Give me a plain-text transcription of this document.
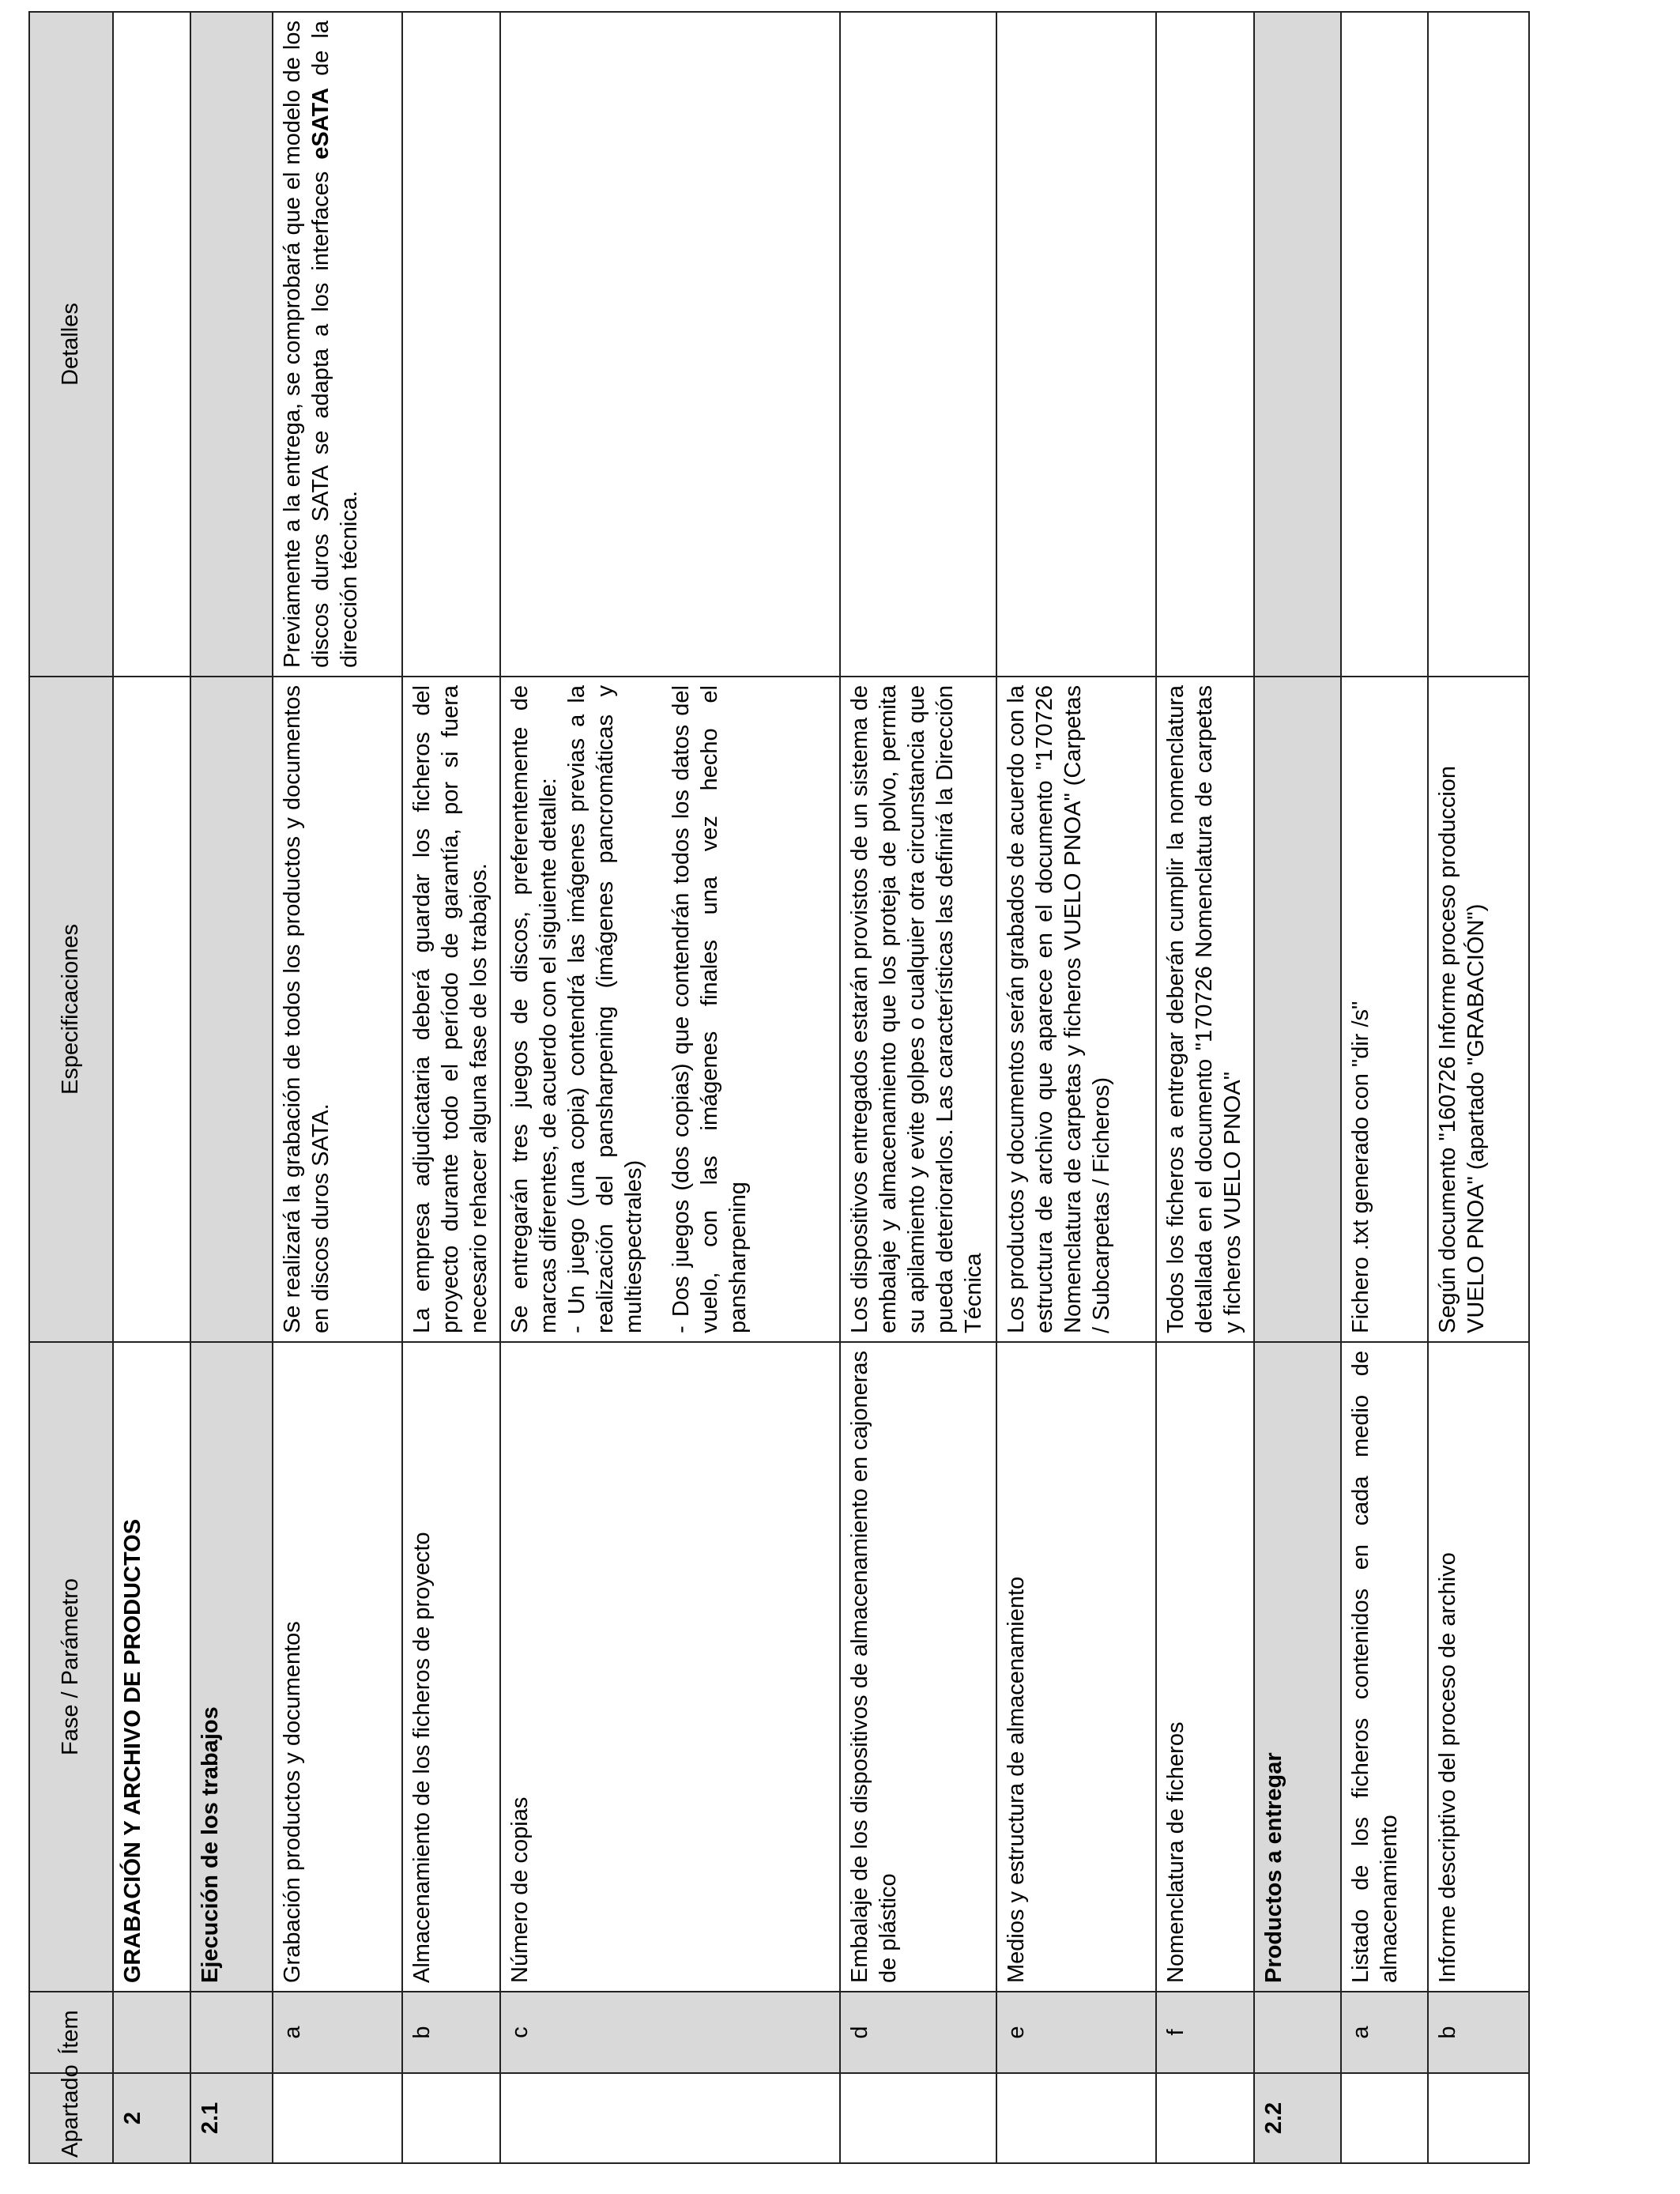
Apartado	Ítem	Fase / Parámetro	Especificaciones	Detalles
2		GRABACIÓN Y ARCHIVO DE PRODUCTOS		
2.1		Ejecución de los trabajos		
	a	Grabación productos y documentos	Se realizará la grabación de todos los productos y documentos en discos duros SATA.	Previamente a la entrega, se comprobará que el modelo de los discos duros SATA se adapta a los interfaces eSATA de la dirección técnica.
	b	Almacenamiento de los ficheros de proyecto	La empresa adjudicataria deberá guardar los ficheros del proyecto durante todo el período de garantía, por si fuera necesario rehacer alguna fase de los trabajos.	
	c	Número de copias	Se entregarán tres juegos de discos, preferentemente de marcas diferentes, de acuerdo con el siguiente detalle: - Un juego (una copia) contendrá las imágenes previas a la realización del pansharpening (imágenes pancromáticas y multiespectrales) - Dos juegos (dos copias) que contendrán todos los datos del vuelo, con las imágenes finales una vez hecho el pansharpening	

	d	Embalaje de los dispositivos de almacenamiento en cajoneras de plástico	Los dispositivos entregados estarán provistos de un sistema de embalaje y almacenamiento que los proteja de polvo, permita su apilamiento y evite golpes o cualquier otra circunstancia que pueda deteriorarlos. Las características las definirá la Dirección Técnica	
	e	Medios y estructura de almacenamiento	Los productos y documentos serán grabados de acuerdo con la estructura de archivo que aparece en el documento "170726 Nomenclatura de carpetas y ficheros VUELO PNOA" (Carpetas / Subcarpetas / Ficheros)	
	f	Nomenclatura de ficheros	Todos los ficheros a entregar deberán cumplir la nomenclatura detallada en el documento "170726 Nomenclatura de carpetas y ficheros VUELO PNOA"	
2.2		Productos a entregar		
	a	Listado de los ficheros contenidos en cada medio de almacenamiento	Fichero .txt generado con "dir /s"	
	b	Informe descriptivo del proceso de archivo	Según documento "160726 Informe proceso produccion VUELO PNOA" (apartado "GRABACIÓN")	
